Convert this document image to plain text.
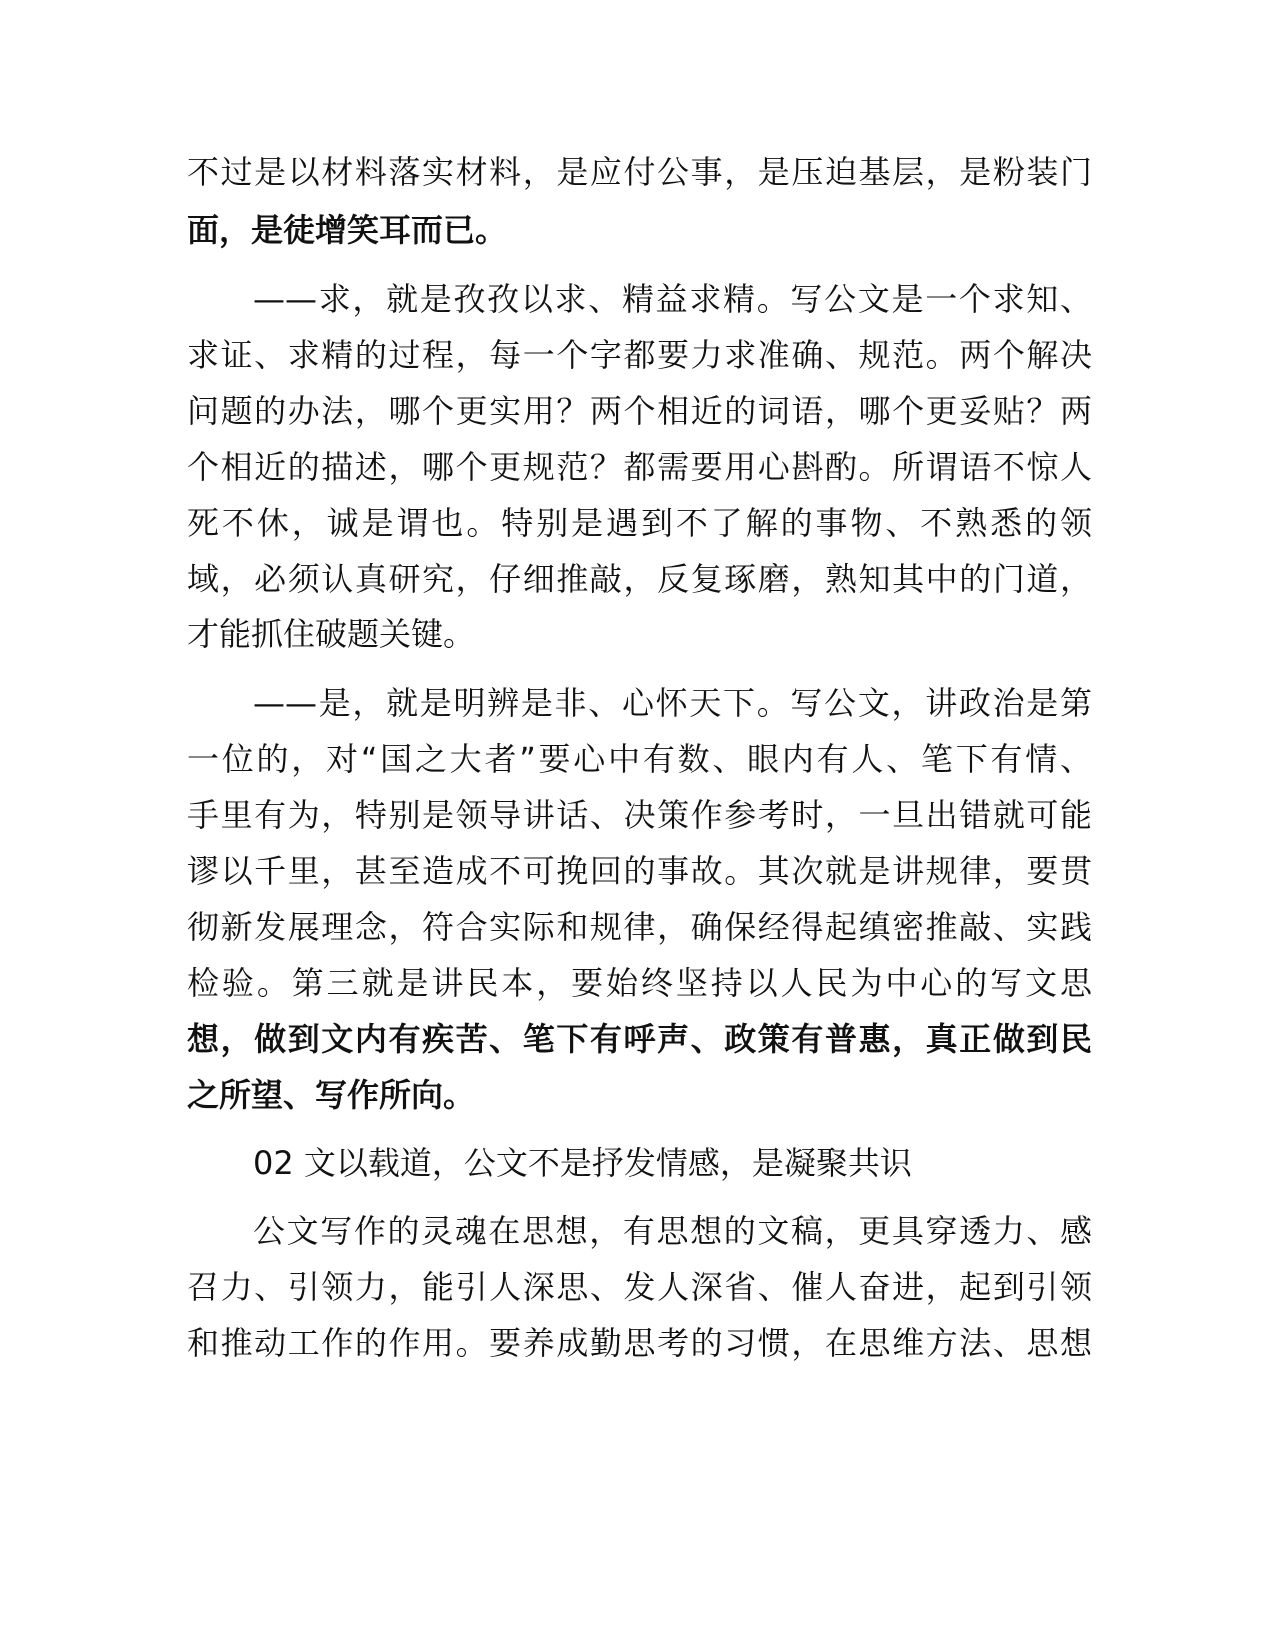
不过是以材料落实材料，是应付公事，是压迫基层，是粉装门
面，是徒增笑耳而已。
——求，就是孜孜以求、精益求精。写公文是一个求知、
求证、求精的过程，每一个字都要力求准确、规范。两个解决
问题的办法，哪个更实用？两个相近的词语，哪个更妥贴？两
个相近的描述，哪个更规范？都需要用心斟酌。所谓语不惊人
死不休，诚是谓也。特别是遇到不了解的事物、不熟悉的领
域，必须认真研究，仔细推敲，反复琢磨，熟知其中的门道，
才能抓住破题关键。
——是，就是明辨是非、心怀天下。写公文，讲政治是第
一位的，对“国之大者”要心中有数、眼内有人、笔下有情、
手里有为，特别是领导讲话、决策作参考时，一旦出错就可能
谬以千里，甚至造成不可挽回的事故。其次就是讲规律，要贯
彻新发展理念，符合实际和规律，确保经得起缜密推敲、实践
检验。第三就是讲民本，要始终坚持以人民为中心的写文思
想，做到文内有疾苦、笔下有呼声、政策有普惠，真正做到民
之所望、写作所向。
02 文以载道，公文不是抒发情感，是凝聚共识
公文写作的灵魂在思想，有思想的文稿，更具穿透力、感
召力、引领力，能引人深思、发人深省、催人奋进，起到引领
和推动工作的作用。要养成勤思考的习惯，在思维方法、思想
